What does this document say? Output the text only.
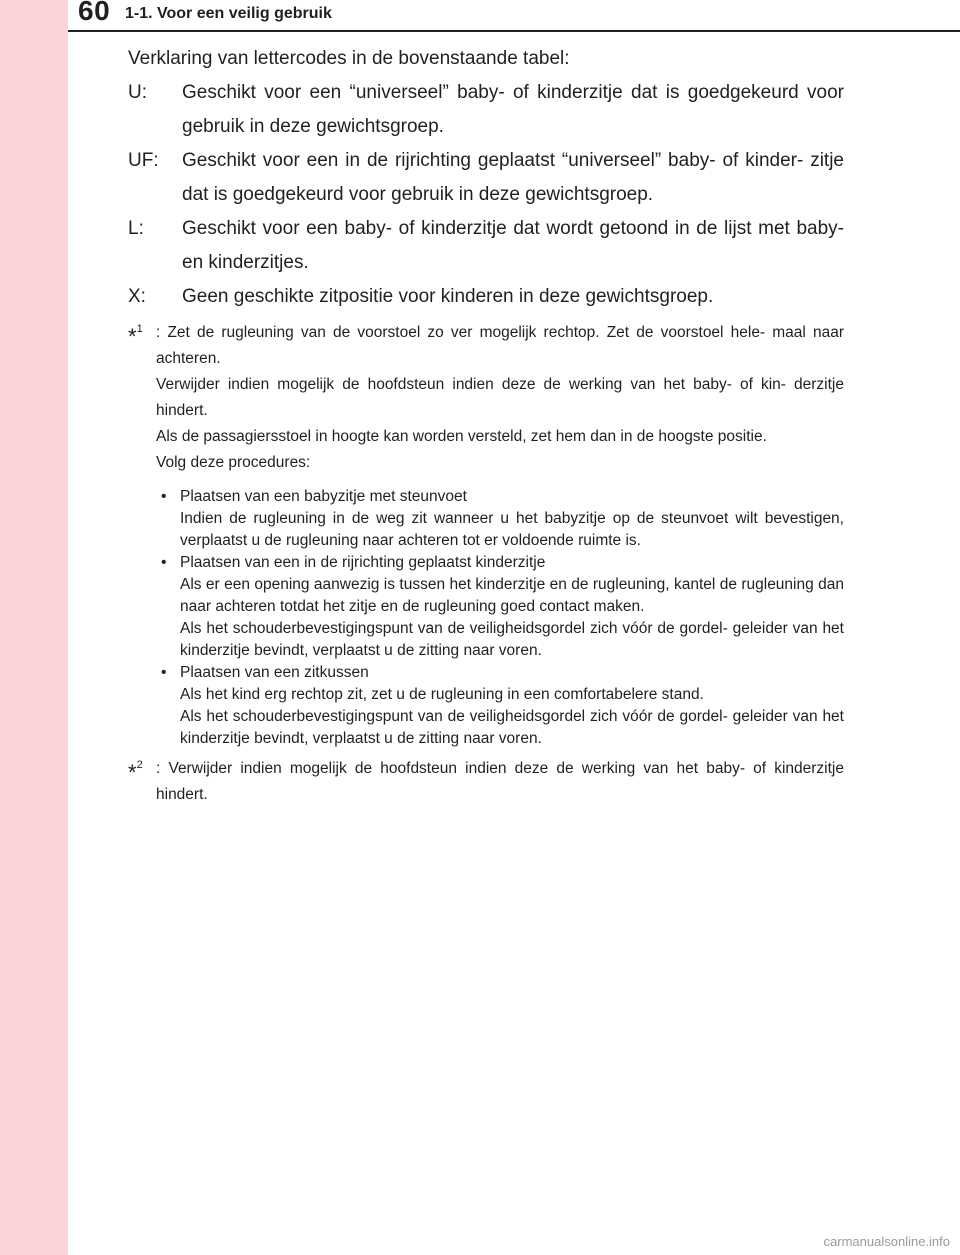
60 1-1. Voor een veilig gebruik
Verklaring van lettercodes in de bovenstaande tabel:
U: Geschikt voor een “universeel” baby- of kinderzitje dat is goedgekeurd voor gebruik in deze gewichtsgroep.
UF: Geschikt voor een in de rijrichting geplaatst “universeel” baby- of kinder- zitje dat is goedgekeurd voor gebruik in deze gewichtsgroep.
L: Geschikt voor een baby- of kinderzitje dat wordt getoond in de lijst met baby- en kinderzitjes.
X: Geen geschikte zitpositie voor kinderen in deze gewichtsgroep.
*$^1$ : Zet de rugleuning van de voorstoel zo ver mogelijk rechtop. Zet de voorstoel hele- maal naar achteren.

Verwijder indien mogelijk de hoofdsteun indien deze de werking van het baby- of kin- derzitje hindert.

Als de passagiersstoel in hoogte kan worden versteld, zet hem dan in de hoogste positie.

Volg deze procedures:

• Plaatsen van een babyzitje met steunvoet

Indien de rugleuning in de weg zit wanneer u het babyzitje op de steunvoet wilt bevestigen, verplaatst u de rugleuning naar achteren tot er voldoende ruimte is.

• Plaatsen van een in de rijrichting geplaatst kinderzitje

Als er een opening aanwezig is tussen het kinderzitje en de rugleuning, kantel de rugleuning dan naar achteren totdat het zitje en de rugleuning goed contact maken.

Als het schouderbevestigingspunt van de veiligheidsgordel zich vóór de gordel- geleider van het kinderzitje bevindt, verplaatst u de zitting naar voren.

• Plaatsen van een zitkussen

Als het kind erg rechtop zit, zet u de rugleuning in een comfortabelere stand.

Als het schouderbevestigingspunt van de veiligheidsgordel zich vóór de gordel- geleider van het kinderzitje bevindt, verplaatst u de zitting naar voren.

*$^2$ : Verwijder indien mogelijk de hoofdsteun indien deze de werking van het baby- of kinderzitje hindert.

carmanualsonline.info
